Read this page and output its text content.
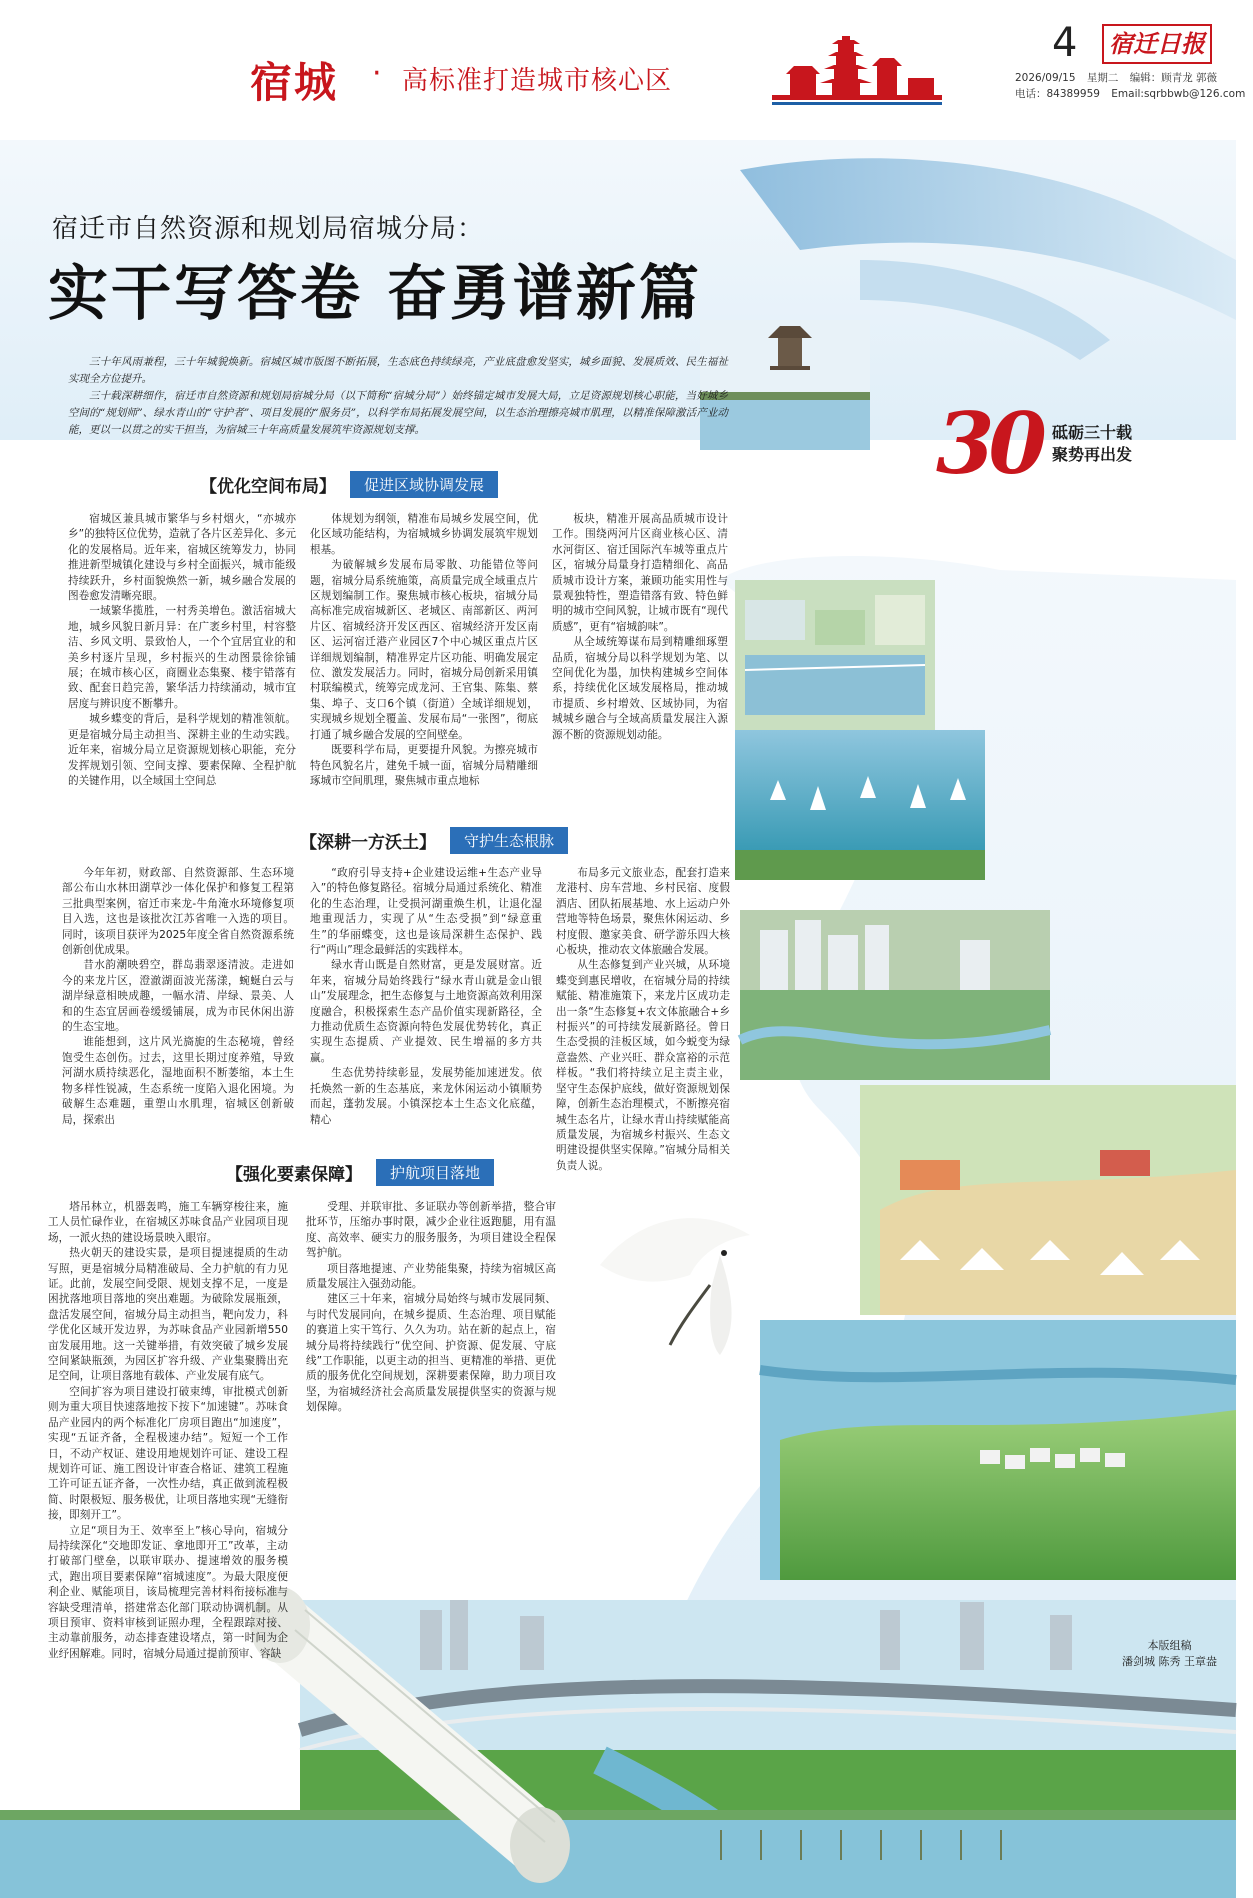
宿城 · 高标准打造城市核心区
4 宿迁日报
2026/09/15 星期二 编辑：顾青龙 郭薇
电话：84389959 Email:sqrbbwb@126.com
宿迁市自然资源和规划局宿城分局：
实干写答卷 奋勇谱新篇

三十年风雨兼程，三十年城貌焕新。宿城区城市版图不断拓展，生态底色持续绿亮，产业底盘愈发坚实，城乡面貌、发展质效、民生福祉实现全方位提升。

三十载深耕细作，宿迁市自然资源和规划局宿城分局（以下简称“宿城分局”）始终锚定城市发展大局，立足资源规划核心职能，当好城乡空间的“规划师”、绿水青山的“守护者”、项目发展的“服务员”，以科学布局拓展发展空间，以生态治理擦亮城市肌理，以精准保障激活产业动能，更以一以贯之的实干担当，为宿城三十年高质量发展筑牢资源规划支撑。	30 砥砺三十载
聚势再出发
【优化空间布局】	促进区域协调发展

宿城区兼具城市繁华与乡村烟火，“亦城亦乡”的独特区位优势，造就了各片区差异化、多元化的发展格局。近年来，宿城区统筹发力，协同推进新型城镇化建设与乡村全面振兴，城市能级持续跃升，乡村面貌焕然一新，城乡融合发展的图卷愈发清晰亮眼。

一域繁华揽胜，一村秀美增色。激活宿城大地，城乡风貌日新月异：在广袤乡村里，村容整洁、乡风文明、景致怡人，一个个宜居宜业的和美乡村逐片呈现，乡村振兴的生动图景徐徐铺展；在城市核心区，商圈业态集聚、楼宇错落有致、配套日趋完善，繁华活力持续涌动，城市宜居度与辨识度不断攀升。

城乡蝶变的背后，是科学规划的精准领航。更是宿城分局主动担当、深耕主业的生动实践。近年来，宿城分局立足资源规划核心职能，充分发挥规划引领、空间支撑、要素保障、全程护航的关键作用，以全域国土空间总

体规划为纲领，精准布局城乡发展空间，优化区域功能结构，为宿城城乡协调发展筑牢规划根基。

为破解城乡发展布局零散、功能错位等问题，宿城分局系统施策，高质量完成全域重点片区规划编制工作。聚焦城市核心板块，宿城分局高标准完成宿城新区、老城区、南部新区、两河片区、宿城经济开发区西区、宿城经济开发区南区、运河宿迁港产业园区7个中心城区重点片区详细规划编制，精准界定片区功能、明确发展定位、激发发展活力。同时，宿城分局创新采用镇村联编模式，统筹完成龙河、王官集、陈集、蔡集、埠子、支口6个镇（街道）全域详细规划，实现城乡规划全覆盖、发展布局“一张图”，彻底打通了城乡融合发展的空间壁垒。

既要科学布局，更要提升风貌。为擦亮城市特色风貌名片，建免千城一面，宿城分局精雕细琢城市空间肌理，聚焦城市重点地标

板块，精准开展高品质城市设计工作。围绕两河片区商业核心区、清水河街区、宿迁国际汽车城等重点片区，宿城分局量身打造精细化、高品质城市设计方案，兼顾功能实用性与景观独特性，塑造错落有致、特色鲜明的城市空间风貌，让城市既有“现代质感”，更有“宿城韵味”。

从全域统筹谋布局到精雕细琢塑品质，宿城分局以科学规划为笔、以空间优化为墨，加快构建城乡空间体系，持续优化区域发展格局，推动城市提质、乡村增效、区域协同，为宿城城乡融合与全域高质量发展注入源源不断的资源规划动能。

【深耕一方沃土】	守护生态根脉

今年年初，财政部、自然资源部、生态环境部公布山水林田湖草沙一体化保护和修复工程第三批典型案例，宿迁市来龙-牛角淹水环境修复项目入选，这也是该批次江苏省唯一入选的项目。同时，该项目获评为2025年度全省自然资源系统创新创优成果。

昔水韵潮映碧空，群岛翡翠逐清波。走进如今的来龙片区，澄澈湖面波光荡漾，蜿蜒白云与湖岸绿意相映成趣，一幅水清、岸绿、景美、人和的生态宜居画卷缓缓铺展，成为市民休闲出游的生态宝地。

谁能想到，这片风光旖旎的生态秘境，曾经饱受生态创伤。过去，这里长期过度养殖，导致河湖水质持续恶化，湿地面积不断萎缩，本土生物多样性锐减，生态系统一度陷入退化困境。为破解生态难题，重塑山水肌理，宿城区创新破局，探索出

“政府引导支持+企业建设运维+生态产业导入”的特色修复路径。宿城分局通过系统化、精准化的生态治理，让受损河湖重焕生机，让退化湿地重现活力，实现了从“生态受损”到“绿意重生”的华丽蝶变，这也是该局深耕生态保护、践行“两山”理念最鲜活的实践样本。

绿水青山既是自然财富，更是发展财富。近年来，宿城分局始终践行“绿水青山就是金山银山”发展理念，把生态修复与土地资源高效利用深度融合，积极探索生态产品价值实现新路径，全力推动优质生态资源向特色发展优势转化，真正实现生态提质、产业提效、民生增福的多方共赢。

生态优势持续彰显，发展势能加速迸发。依托焕然一新的生态基底，来龙休闲运动小镇顺势而起，蓬勃发展。小镇深挖本土生态文化底蕴，精心

布局多元文旅业态，配套打造来龙港村、房车营地、乡村民宿、度假酒店、团队拓展基地、水上运动户外营地等特色场景，聚焦休闲运动、乡村度假、邀家美食、研学游乐四大核心板块，推动农文体旅融合发展。

从生态修复到产业兴城，从环境蝶变到惠民增收，在宿城分局的持续赋能、精准施策下，来龙片区成功走出一条“生态修复+农文体旅融合+乡村振兴”的可持续发展新路径。曾日生态受损的洼板区域，如今蜕变为绿意盎然、产业兴旺、群众富裕的示范样板。“我们将持续立足主责主业，坚守生态保护底线，做好资源规划保障，创新生态治理模式，不断擦亮宿城生态名片，让绿水青山持续赋能高质量发展，为宿城乡村振兴、生态文明建设提供坚实保障。”宿城分局相关负责人说。

【强化要素保障】	护航项目落地

塔吊林立，机器轰鸣，施工车辆穿梭往来，施工人员忙碌作业，在宿城区苏味食品产业园项目现场，一派火热的建设场景映入眼帘。

热火朝天的建设实景，是项目提速提质的生动写照，更是宿城分局精准破局、全力护航的有力见证。此前，发展空间受限、规划支撑不足，一度是困扰落地项目落地的突出难题。为破除发展瓶颈，盘活发展空间，宿城分局主动担当，靶向发力，科学优化区域开发边界，为苏味食品产业园新增550亩发展用地。这一关键举措，有效突破了城乡发展空间紧缺瓶颈，为园区扩容升级、产业集聚腾出充足空间，让项目落地有载体、产业发展有底气。

空间扩容为项目建设打破束缚，审批模式创新则为重大项目快速落地按下按下“加速键”。苏味食品产业园内的两个标准化厂房项目跑出“加速度”，实现“五证齐备，全程极速办结”。短短一个工作日，不动产权证、建设用地规划许可证、建设工程规划许可证、施工图设计审查合格证、建筑工程施工许可证五证齐备，一次性办结，真正做到流程极简、时限极短、服务极优，让项目落地实现“无缝衔接，即刻开工”。

立足“项目为王、效率至上”核心导向，宿城分局持续深化“交地即发证、拿地即开工”改革，主动打破部门壁垒，以联审联办、提速增效的服务模式，跑出项目要素保障“宿城速度”。为最大限度便利企业、赋能项目，该局梳理完善材料衔接标准与容缺受理清单，搭建常态化部门联动协调机制。从项目预审、资料审核到证照办理，全程跟踪对接、主动靠前服务，动态排查建设堵点，第一时间为企业纾困解难。同时，宿城分局通过提前预审、容缺

受理、并联审批、多证联办等创新举措，整合审批环节，压缩办事时限，减少企业往返跑腿，用有温度、高效率、硬实力的服务服务，为项目建设全程保驾护航。

项目落地提速、产业势能集聚，持续为宿城区高质量发展注入强劲动能。

建区三十年来，宿城分局始终与城市发展同频、与时代发展同向，在城乡提质、生态治理、项目赋能的赛道上实干笃行、久久为功。站在新的起点上，宿城分局将持续践行“优空间、护资源、促发展、守底线”工作职能，以更主动的担当、更精准的举措、更优质的服务优化空间规划，深耕要素保障，助力项目攻坚，为宿城经济社会高质量发展提供坚实的资源与规划保障。

本版组稿
潘剑城 陈秀 王章盎
